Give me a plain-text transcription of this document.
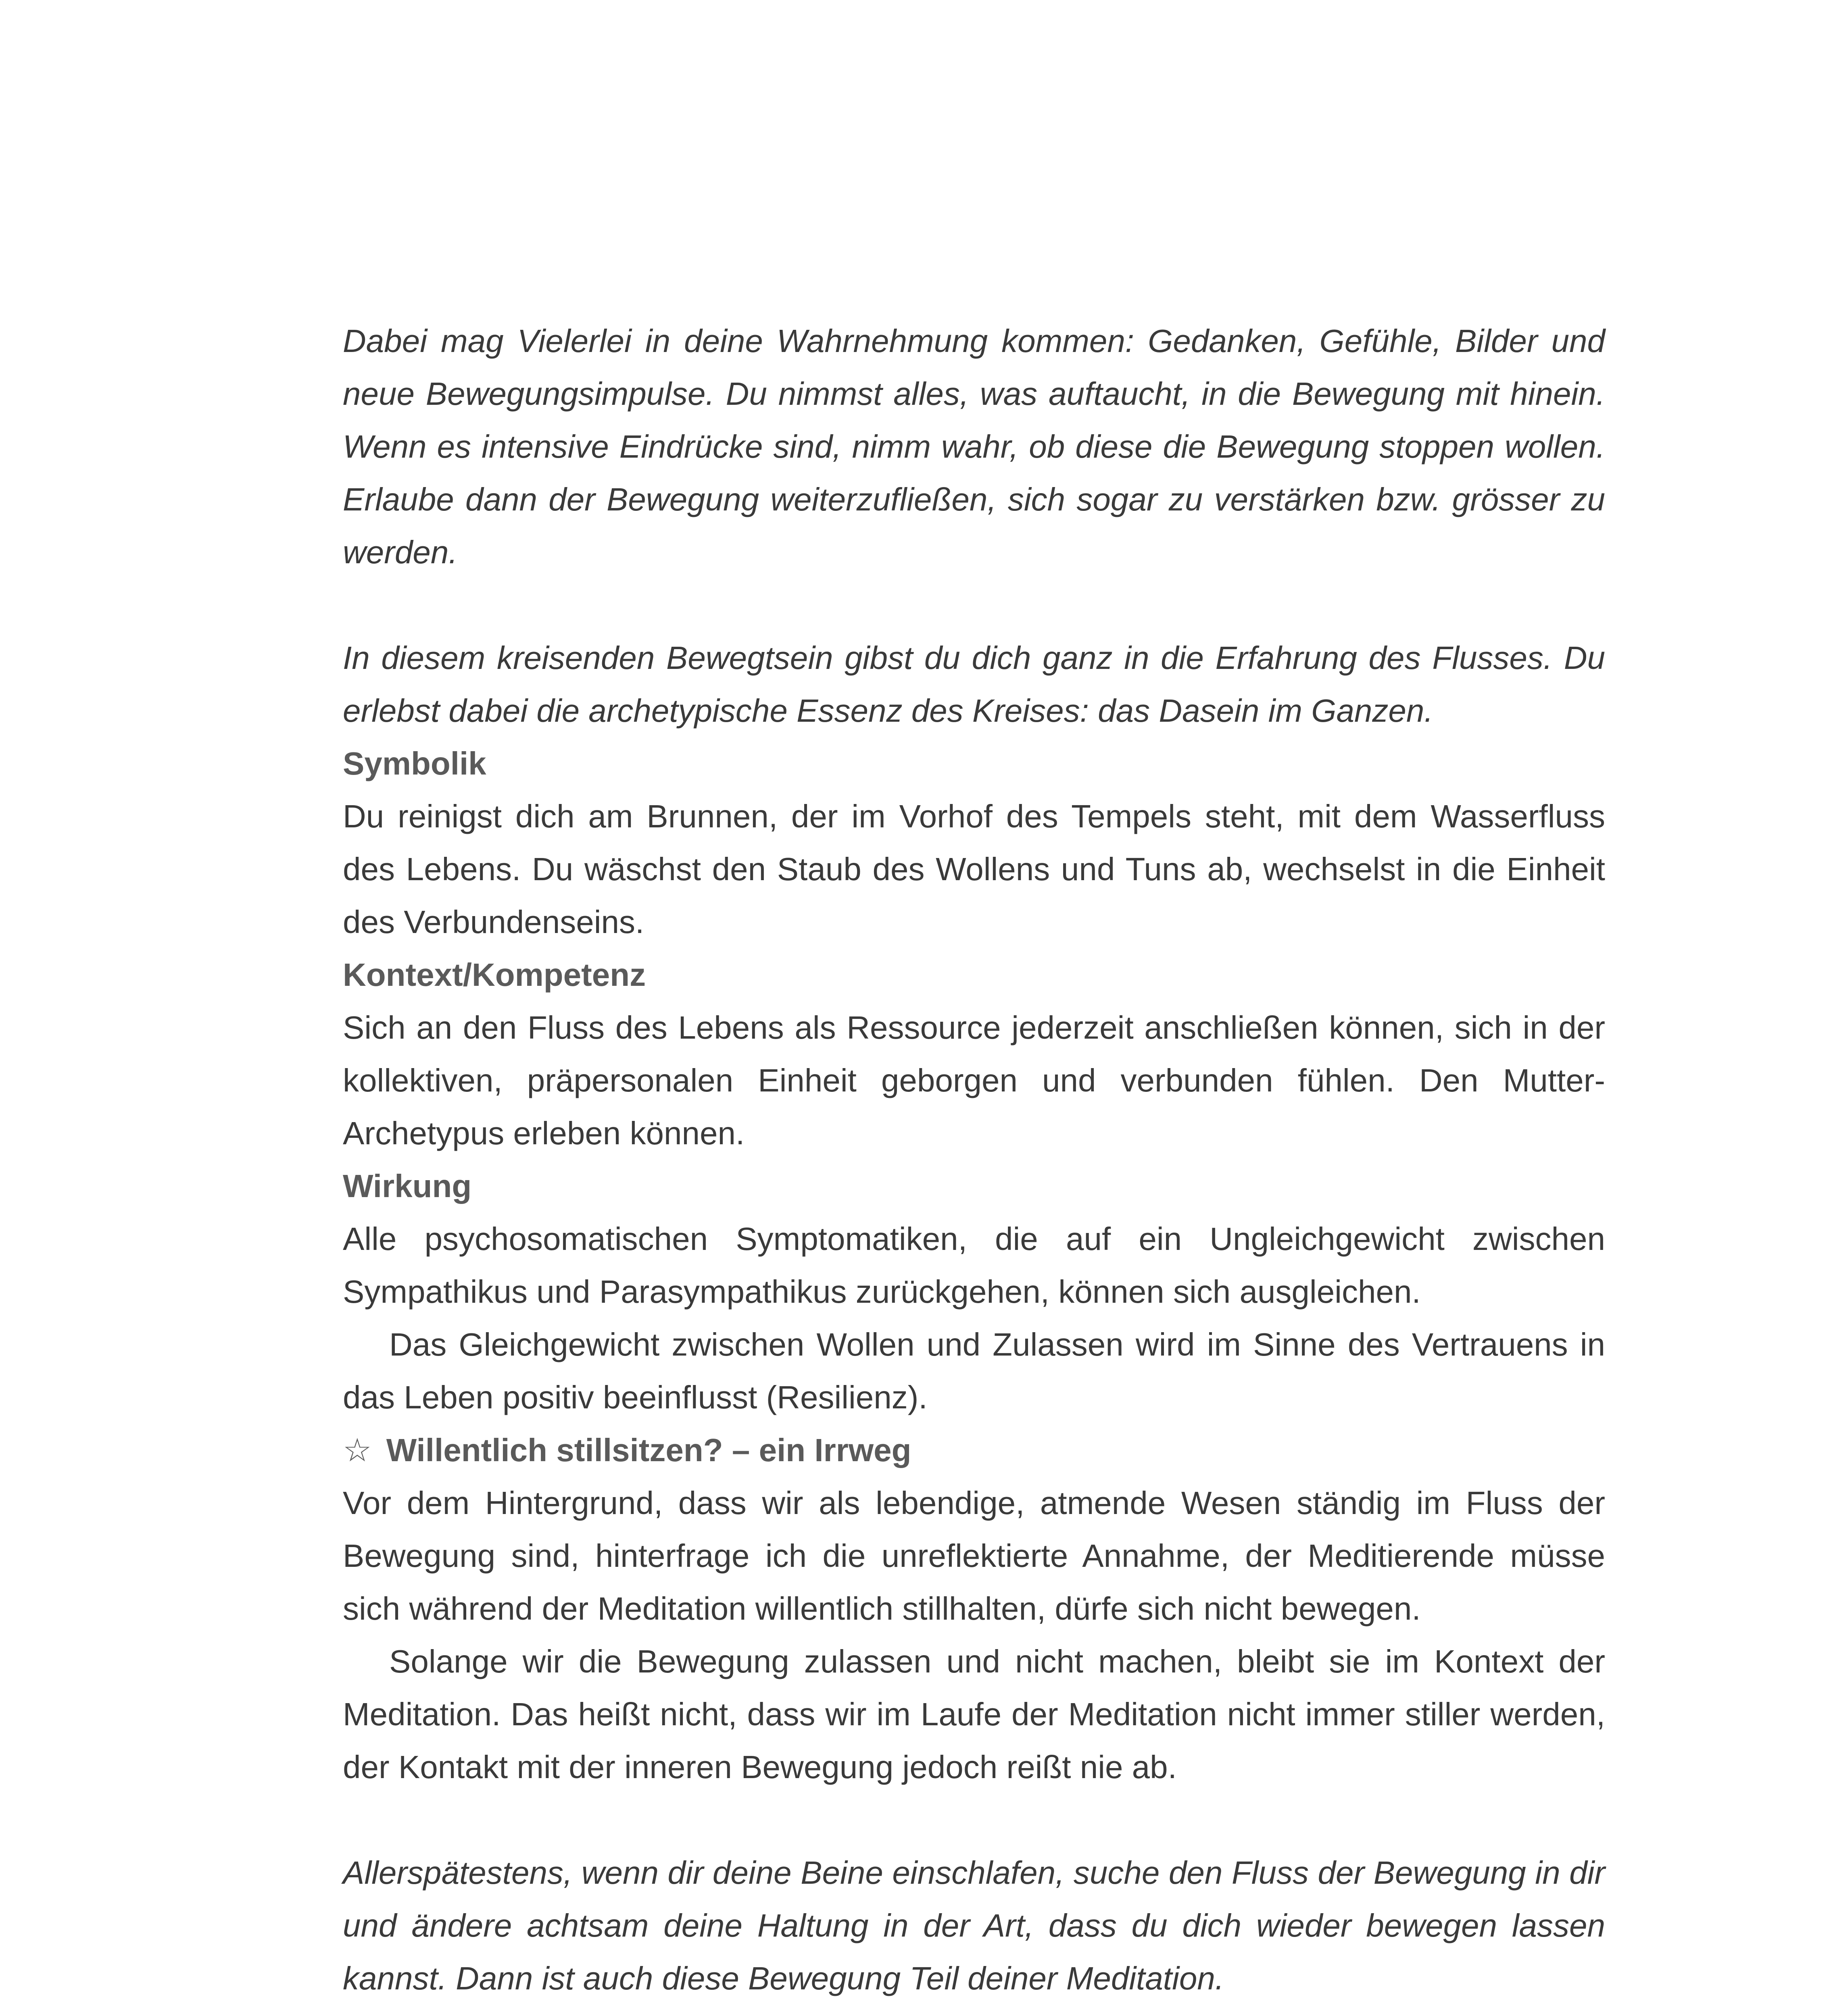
Dabei mag Vielerlei in deine Wahrnehmung kommen: Gedanken, Gefühle, Bilder und neue Bewegungsimpulse. Du nimmst alles, was auftaucht, in die Bewegung mit hinein. Wenn es intensive Eindrücke sind, nimm wahr, ob diese die Bewegung stoppen wollen. Erlaube dann der Bewegung weiterzufließen, sich sogar zu verstärken bzw. grösser zu werden.

In diesem kreisenden Bewegtsein gibst du dich ganz in die Erfahrung des Flusses. Du erlebst dabei die archetypische Essenz des Kreises: das Dasein im Ganzen.

Symbolik

Du reinigst dich am Brunnen, der im Vorhof des Tempels steht, mit dem Wasserfluss des Lebens. Du wäschst den Staub des Wollens und Tuns ab, wechselst in die Einheit des Verbundenseins.

Kontext/Kompetenz

Sich an den Fluss des Lebens als Ressource jederzeit anschließen können, sich in der kollektiven, präpersonalen Einheit geborgen und verbunden fühlen. Den Mutter-Archetypus erleben können.

Wirkung

Alle psychosomatischen Symptomatiken, die auf ein Ungleichgewicht zwischen Sympathikus und Parasympathikus zurückgehen, können sich ausgleichen.

Das Gleichgewicht zwischen Wollen und Zulassen wird im Sinne des Vertrauens in das Leben positiv beeinflusst (Resilienz).

☆ Willentlich stillsitzen? – ein Irrweg

Vor dem Hintergrund, dass wir als lebendige, atmende Wesen ständig im Fluss der Bewegung sind, hinterfrage ich die unreflektierte Annahme, der Meditierende müsse sich während der Meditation willentlich stillhalten, dürfe sich nicht bewegen.

Solange wir die Bewegung zulassen und nicht machen, bleibt sie im Kontext der Meditation. Das heißt nicht, dass wir im Laufe der Meditation nicht immer stiller werden, der Kontakt mit der inneren Bewegung jedoch reißt nie ab.

Allerspätestens, wenn dir deine Beine einschlafen, suche den Fluss der Bewegung in dir und ändere achtsam deine Haltung in der Art, dass du dich wieder bewegen lassen kannst. Dann ist auch diese Bewegung Teil deiner Meditation.
